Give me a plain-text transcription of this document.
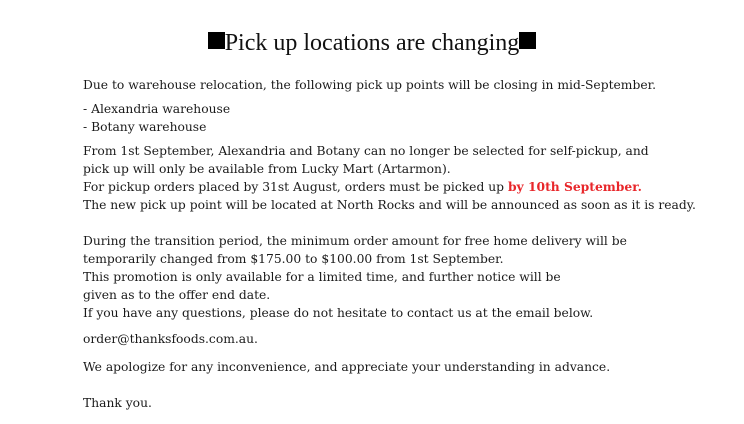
Pick up locations are changing
Due to warehouse relocation, the following pick up points will be closing in mid-September.
- Alexandria warehouse
- Botany warehouse
From 1st September, Alexandria and Botany can no longer be selected for self-pickup, and
pick up will only be available from Lucky Mart (Artarmon).
For pickup orders placed by 31st August, orders must be picked up by 10th September.
The new pick up point will be located at North Rocks and will be announced as soon as it is ready.
During the transition period, the minimum order amount for free home delivery will be
temporarily changed from $175.00 to $100.00 from 1st September.
This promotion is only available for a limited time, and further notice will be
given as to the offer end date.
If you have any questions, please do not hesitate to contact us at the email below.
order@thanksfoods.com.au.
We apologize for any inconvenience, and appreciate your understanding in advance.
Thank you.
